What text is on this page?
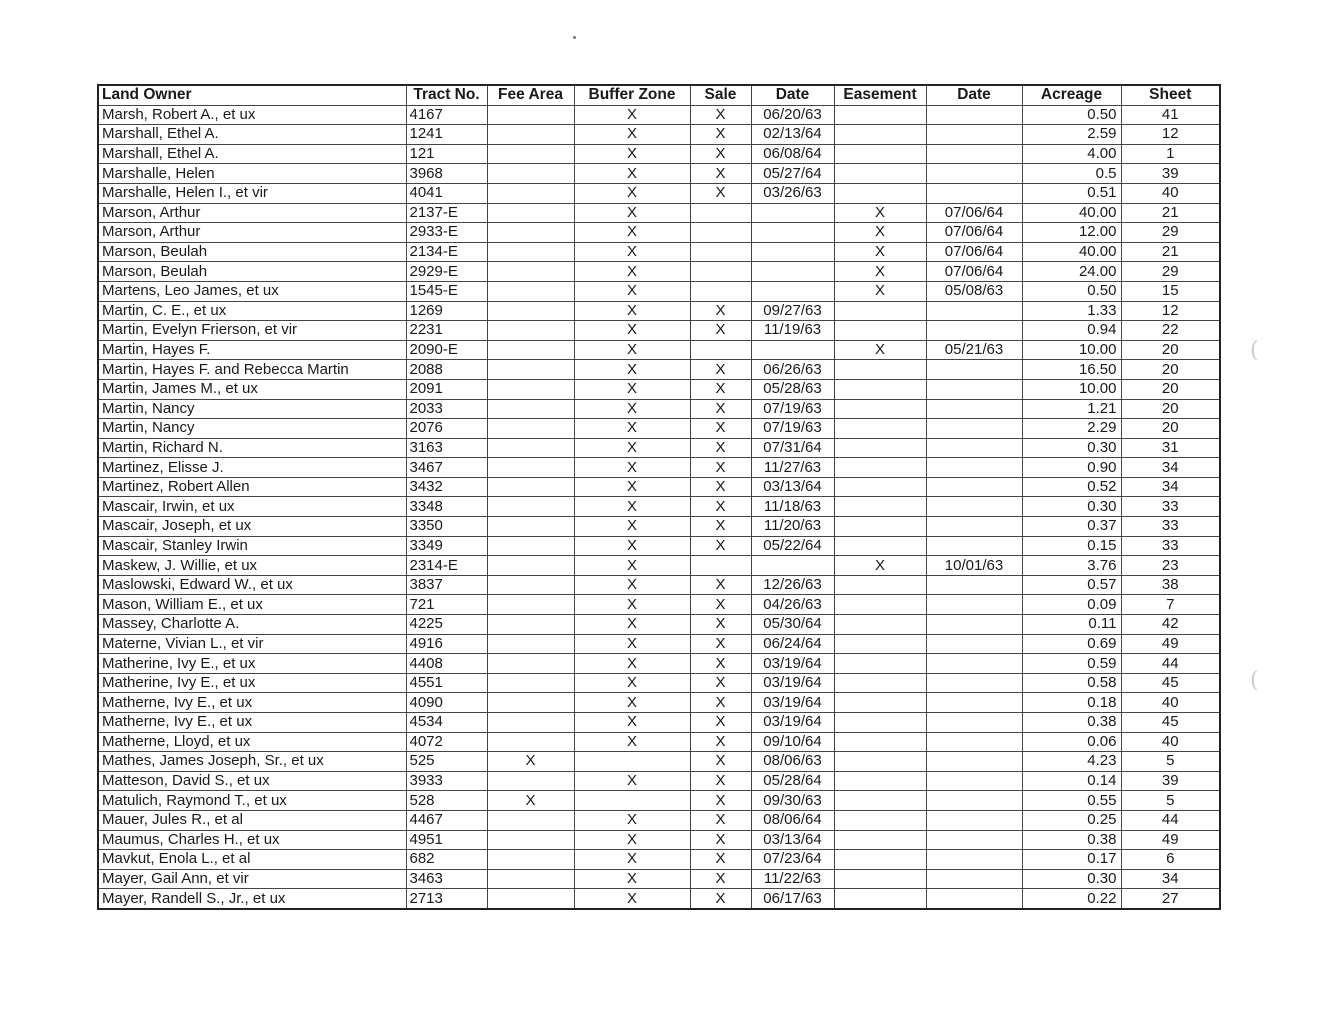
(
(
Land Owner	Tract No.	Fee Area	Buffer Zone	Sale	Date	Easement	Date	Acreage	Sheet
Marsh, Robert A., et ux	4167		X	X	06/20/63			0.50	41
Marshall, Ethel A.	1241		X	X	02/13/64			2.59	12
Marshall, Ethel A.	121		X	X	06/08/64			4.00	1
Marshalle, Helen	3968		X	X	05/27/64			0.5	39
Marshalle, Helen I., et vir	4041		X	X	03/26/63			0.51	40
Marson, Arthur	2137-E		X			X	07/06/64	40.00	21
Marson, Arthur	2933-E		X			X	07/06/64	12.00	29
Marson, Beulah	2134-E		X			X	07/06/64	40.00	21
Marson, Beulah	2929-E		X			X	07/06/64	24.00	29
Martens, Leo James, et ux	1545-E		X			X	05/08/63	0.50	15
Martin, C. E., et ux	1269		X	X	09/27/63			1.33	12
Martin, Evelyn Frierson, et vir	2231		X	X	11/19/63			0.94	22
Martin, Hayes F.	2090-E		X			X	05/21/63	10.00	20
Martin, Hayes F. and Rebecca Martin	2088		X	X	06/26/63			16.50	20
Martin, James M., et ux	2091		X	X	05/28/63			10.00	20
Martin, Nancy	2033		X	X	07/19/63			1.21	20
Martin, Nancy	2076		X	X	07/19/63			2.29	20
Martin, Richard N.	3163		X	X	07/31/64			0.30	31
Martinez, Elisse J.	3467		X	X	11/27/63			0.90	34
Martinez, Robert Allen	3432		X	X	03/13/64			0.52	34
Mascair, Irwin, et ux	3348		X	X	11/18/63			0.30	33
Mascair, Joseph, et ux	3350		X	X	11/20/63			0.37	33
Mascair, Stanley Irwin	3349		X	X	05/22/64			0.15	33
Maskew, J. Willie, et ux	2314-E		X			X	10/01/63	3.76	23
Maslowski, Edward W., et ux	3837		X	X	12/26/63			0.57	38
Mason, William E., et ux	721		X	X	04/26/63			0.09	7
Massey, Charlotte A.	4225		X	X	05/30/64			0.11	42
Materne, Vivian L., et vir	4916		X	X	06/24/64			0.69	49
Matherine, Ivy E., et ux	4408		X	X	03/19/64			0.59	44
Matherine, Ivy E., et ux	4551		X	X	03/19/64			0.58	45
Matherne, Ivy E., et ux	4090		X	X	03/19/64			0.18	40
Matherne, Ivy E., et ux	4534		X	X	03/19/64			0.38	45
Matherne, Lloyd, et ux	4072		X	X	09/10/64			0.06	40
Mathes, James Joseph, Sr., et ux	525	X		X	08/06/63			4.23	5
Matteson, David S., et ux	3933		X	X	05/28/64			0.14	39
Matulich, Raymond T., et ux	528	X		X	09/30/63			0.55	5
Mauer, Jules R., et al	4467		X	X	08/06/64			0.25	44
Maumus, Charles H., et ux	4951		X	X	03/13/64			0.38	49
Mavkut, Enola L., et al	682		X	X	07/23/64			0.17	6
Mayer, Gail Ann, et vir	3463		X	X	11/22/63			0.30	34
Mayer, Randell S., Jr., et ux	2713		X	X	06/17/63			0.22	27
